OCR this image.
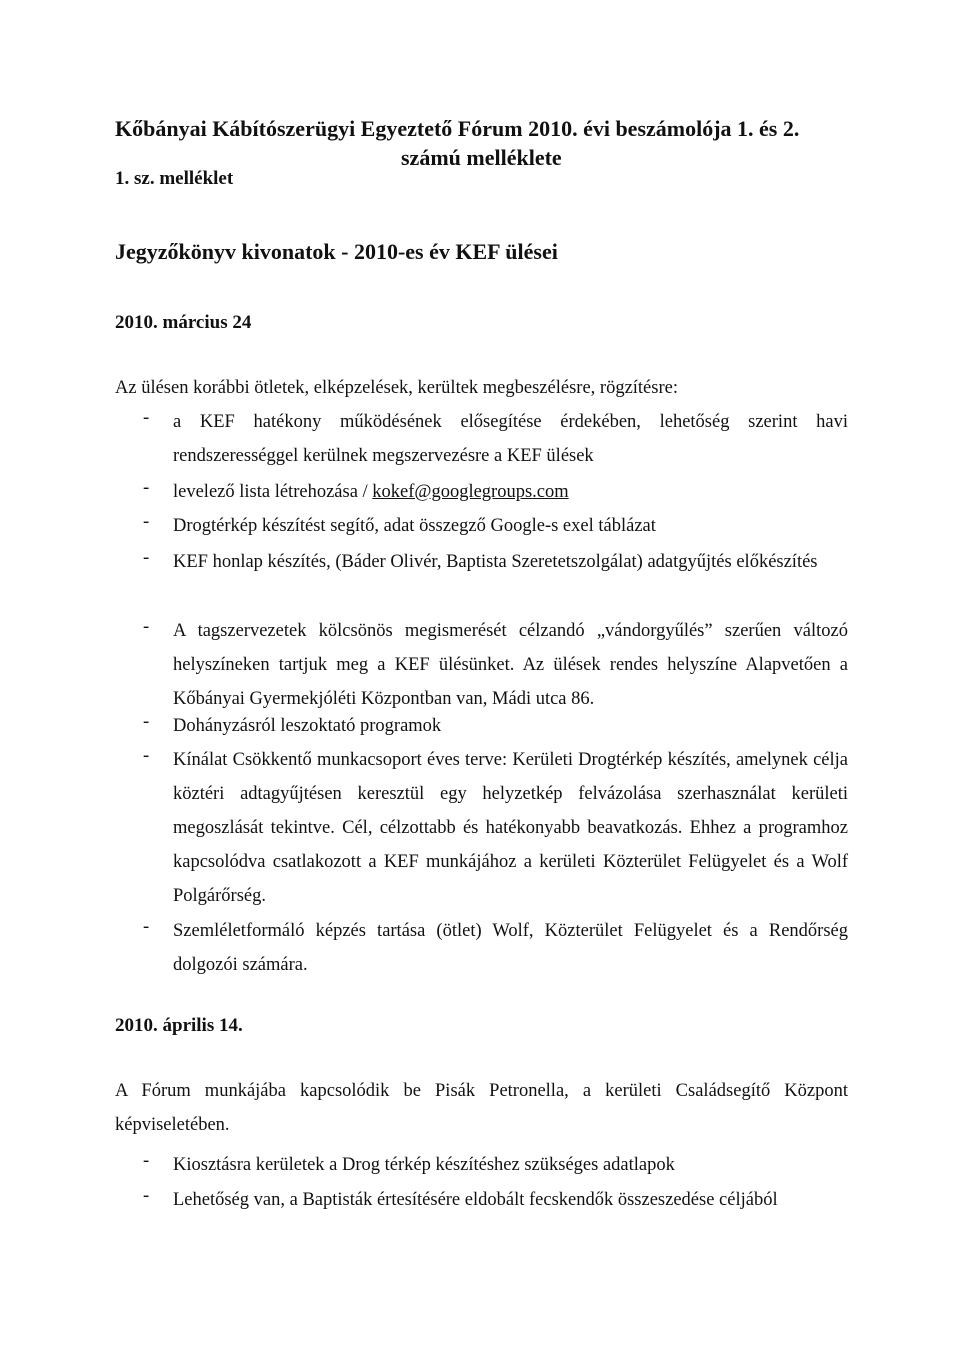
Kőbányai Kábítószerügyi Egyeztető Fórum 2010. évi beszámolója 1. és 2.
számú melléklete
1. sz. melléklet
Jegyzőkönyv kivonatok - 2010-es év KEF ülései
2010. március 24
Az ülésen korábbi ötletek, elképzelések, kerültek megbeszélésre, rögzítésre:
- a KEF hatékony működésének elősegítése érdekében, lehetőség szerint havi rendszerességgel kerülnek megszervezésre a KEF ülések
- levelező lista létrehozása / kokef@googlegroups.com
- Drogtérkép készítést segítő, adat összegző Google-s exel táblázat
- KEF honlap készítés, (Báder Olivér, Baptista Szeretetszolgálat) adatgyűjtés előkészítés
- A tagszervezetek kölcsönös megismerését célzandó „vándorgyűlés” szerűen változó helyszíneken tartjuk meg a KEF ülésünket. Az ülések rendes helyszíne Alapvetően a Kőbányai Gyermekjóléti Központban van, Mádi utca 86.
- Dohányzásról leszoktató programok
- Kínálat Csökkentő munkacsoport éves terve: Kerületi Drogtérkép készítés, amelynek célja köztéri adtagyűjtésen keresztül egy helyzetkép felvázolása szerhasználat kerületi megoszlását tekintve. Cél, célzottabb és hatékonyabb beavatkozás. Ehhez a programhoz kapcsolódva csatlakozott a KEF munkájához a kerületi Közterület Felügyelet és a Wolf Polgárőrség.
- Szemléletformáló képzés tartása (ötlet) Wolf, Közterület Felügyelet és a Rendőrség dolgozói számára.
2010. április 14.
A Fórum munkájába kapcsolódik be Pisák Petronella, a kerületi Családsegítő Központ képviseletében.
- Kiosztásra kerületek a Drog térkép készítéshez szükséges adatlapok
- Lehetőség van, a Baptisták értesítésére eldobált fecskendők összeszedése céljából
